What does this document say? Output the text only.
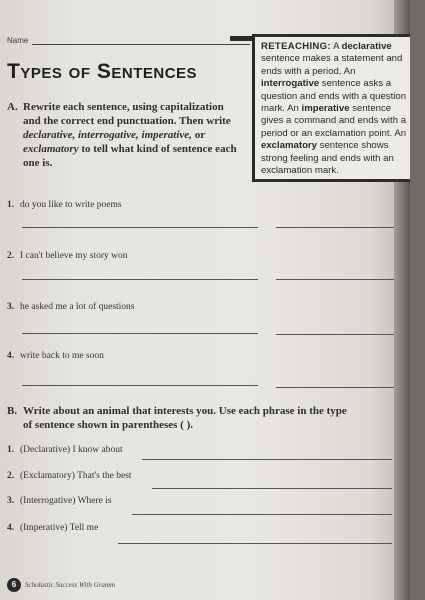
Name
Types of Sentences
RETEACHING: A declarative sentence makes a statement and ends with a period. An interrogative sentence asks a question and ends with a question mark. An imperative sentence gives a command and ends with a period or an exclamation point. An exclamatory sentence shows strong feeling and ends with an exclamation mark.
A. Rewrite each sentence, using capitalization and the correct end punctuation. Then write declarative, interrogative, imperative, or exclamatory to tell what kind of sentence each one is.
1. do you like to write poems
2. I can't believe my story won
3. he asked me a lot of questions
4. write back to me soon
B. Write about an animal that interests you. Use each phrase in the type of sentence shown in parentheses ( ).
1. (Declarative) I know about
2. (Exclamatory) That's the best
3. (Interrogative) Where is
4. (Imperative) Tell me
6 Scholastic Success With Gramm
